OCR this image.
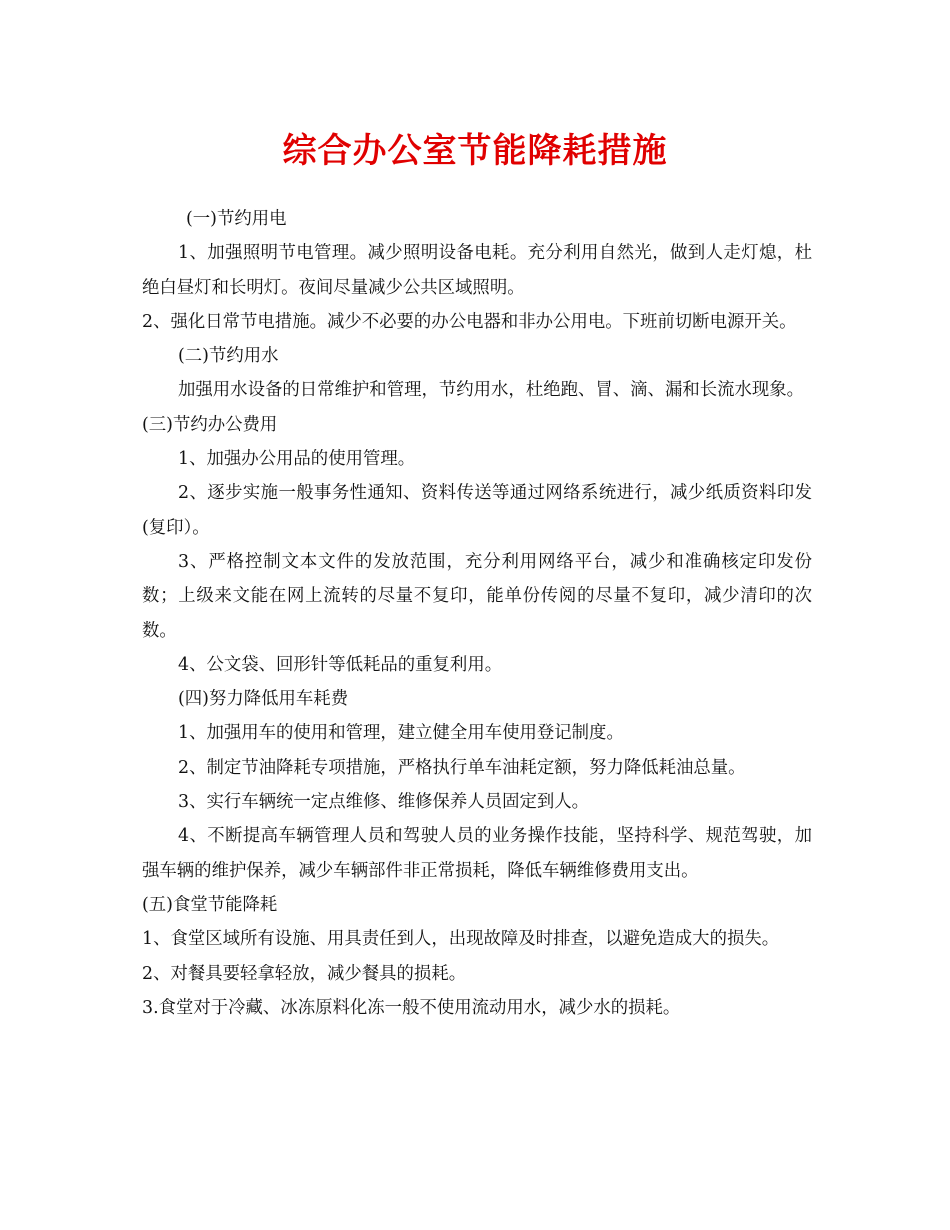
综合办公室节能降耗措施

(一)节约用电

1、加强照明节电管理。减少照明设备电耗。充分利用自然光，做到人走灯熄，杜绝白昼灯和长明灯。夜间尽量减少公共区域照明。

2、强化日常节电措施。减少不必要的办公电器和非办公用电。下班前切断电源开关。

(二)节约用水

加强用水设备的日常维护和管理，节约用水，杜绝跑、冒、滴、漏和长流水现象。

(三)节约办公费用

1、加强办公用品的使用管理。

2、逐步实施一般事务性通知、资料传送等通过网络系统进行，减少纸质资料印发(复印）。

3、严格控制文本文件的发放范围，充分利用网络平台，减少和准确核定印发份数；上级来文能在网上流转的尽量不复印，能单份传阅的尽量不复印，减少清印的次数。

4、公文袋、回形针等低耗品的重复利用。

(四)努力降低用车耗费

1、加强用车的使用和管理，建立健全用车使用登记制度。

2、制定节油降耗专项措施，严格执行单车油耗定额，努力降低耗油总量。

3、实行车辆统一定点维修、维修保养人员固定到人。

4、不断提高车辆管理人员和驾驶人员的业务操作技能，坚持科学、规范驾驶，加强车辆的维护保养，减少车辆部件非正常损耗，降低车辆维修费用支出。

(五)食堂节能降耗

1、食堂区域所有设施、用具责任到人，出现故障及时排查，以避免造成大的损失。

2、对餐具要轻拿轻放，减少餐具的损耗。

3.食堂对于冷藏、冰冻原料化冻一般不使用流动用水，减少水的损耗。
